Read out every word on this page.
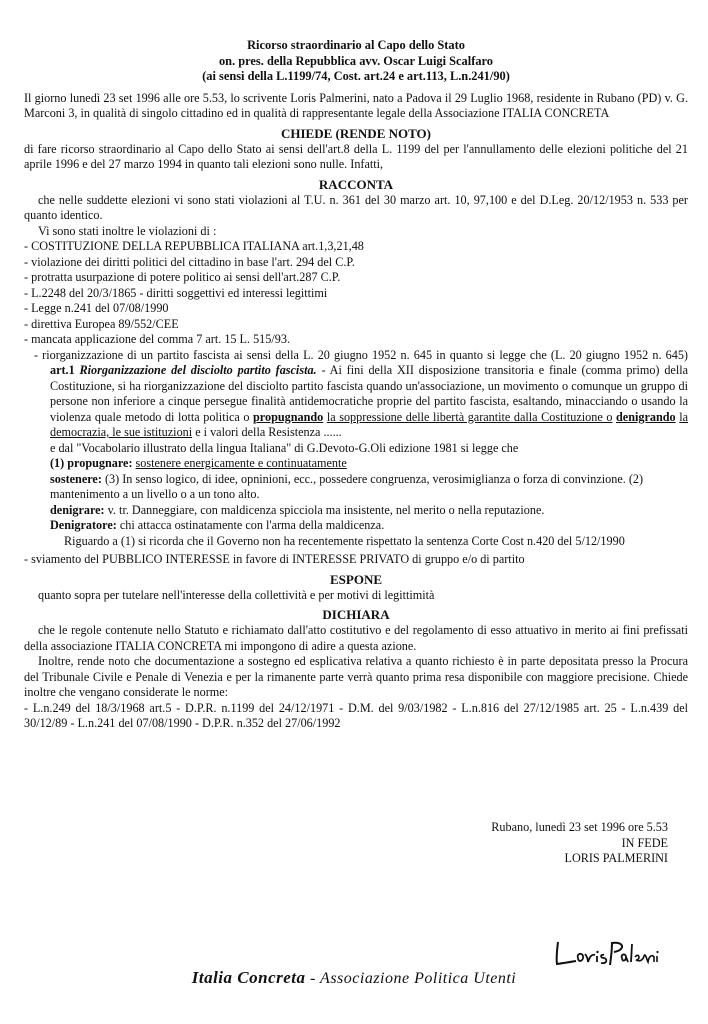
Ricorso straordinario al Capo dello Stato
on. pres. della Repubblica avv. Oscar Luigi Scalfaro
(ai sensi della L.1199/74, Cost. art.24 e art.113, L.n.241/90)

Il giorno lunedì 23 set 1996 alle ore 5.53, lo scrivente Loris Palmerini, nato a Padova il 29 Luglio 1968, residente in Rubano (PD) v. G. Marconi 3, in qualità di singolo cittadino ed in qualità di rappresentante legale della Associazione ITALIA CONCRETA

CHIEDE (RENDE NOTO)

di fare ricorso straordinario al Capo dello Stato ai sensi dell'art.8 della L. 1199 del per l'annullamento delle elezioni politiche del 21 aprile 1996 e del 27 marzo 1994 in quanto tali elezioni sono nulle. Infatti,

RACCONTA

che nelle suddette elezioni vi sono stati violazioni al T.U. n. 361 del 30 marzo art. 10, 97,100 e del D.Leg. 20/12/1953 n. 533 per quanto identico.

Vi sono stati inoltre le violazioni di :

- COSTITUZIONE DELLA REPUBBLICA ITALIANA art.1,3,21,48
- violazione dei diritti politici del cittadino in base l'art. 294 del C.P.
- protratta usurpazione di potere politico ai sensi dell'art.287 C.P.
- L.2248 del 20/3/1865 - diritti soggettivi ed interessi legittimi
- Legge n.241 del 07/08/1990
- direttiva Europea 89/552/CEE
- mancata applicazione del comma 7 art. 15 L. 515/93.

- riorganizzazione di un partito fascista ai sensi della L. 20 giugno 1952 n. 645 in quanto si legge che (L. 20 giugno 1952 n. 645) art.1 Riorganizzazione del disciolto partito fascista. - Ai fini della XII disposizione transitoria e finale (comma primo) della Costituzione, si ha riorganizzazione del disciolto partito fascista quando un'associazione, un movimento o comunque un gruppo di persone non inferiore a cinque persegue finalità antidemocratiche proprie del partito fascista, esaltando, minacciando o usando la violenza quale metodo di lotta politica o propugnando la soppressione delle libertà garantite dalla Costituzione o denigrando la democrazia, le sue istituzioni e i valori della Resistenza ......

e dal "Vocabolario illustrato della lingua Italiana" di G.Devoto-G.Oli edizione 1981 si legge che
(1) propugnare: sostenere energicamente e continuatamente
sostenere: (3) In senso logico, di idee, opninioni, ecc., possedere congruenza, verosimiglianza o forza di convinzione. (2) mantenimento a un livello o a un tono alto.
denigrare: v. tr. Danneggiare, con maldicenza spicciola ma insistente, nel merito o nella reputazione.
Denigratore: chi attacca ostinatamente con l'arma della maldicenza.
Riguardo a (1) si ricorda che il Governo non ha recentemente rispettato la sentenza Corte Cost n.420 del 5/12/1990
- sviamento del PUBBLICO INTERESSE in favore di INTERESSE PRIVATO di gruppo e/o di partito
ESPONE

quanto sopra per tutelare nell'interesse della collettività e per motivi di legittimità

DICHIARA

che le regole contenute nello Statuto e richiamato dall'atto costitutivo e del regolamento di esso attuativo in merito ai fini prefissati della associazione ITALIA CONCRETA mi impongono di adire a questa azione.

Inoltre, rende noto che documentazione a sostegno ed esplicativa relativa a quanto richiesto è in parte depositata presso la Procura del Tribunale Civile e Penale di Venezia e per la rimanente parte verrà quanto prima resa disponibile con maggiore precisione. Chiede inoltre che vengano considerate le norme:

- L.n.249 del 18/3/1968 art.5 - D.P.R. n.1199 del 24/12/1971 - D.M. del 9/03/1982 - L.n.816 del 27/12/1985 art. 25 - L.n.439 del 30/12/89 - L.n.241 del 07/08/1990 - D.P.R. n.352 del 27/06/1992

Rubano, lunedì 23 set 1996 ore 5.53
IN FEDE
LORIS PALMERINI
Italia Concreta - Associazione Politica Utenti
